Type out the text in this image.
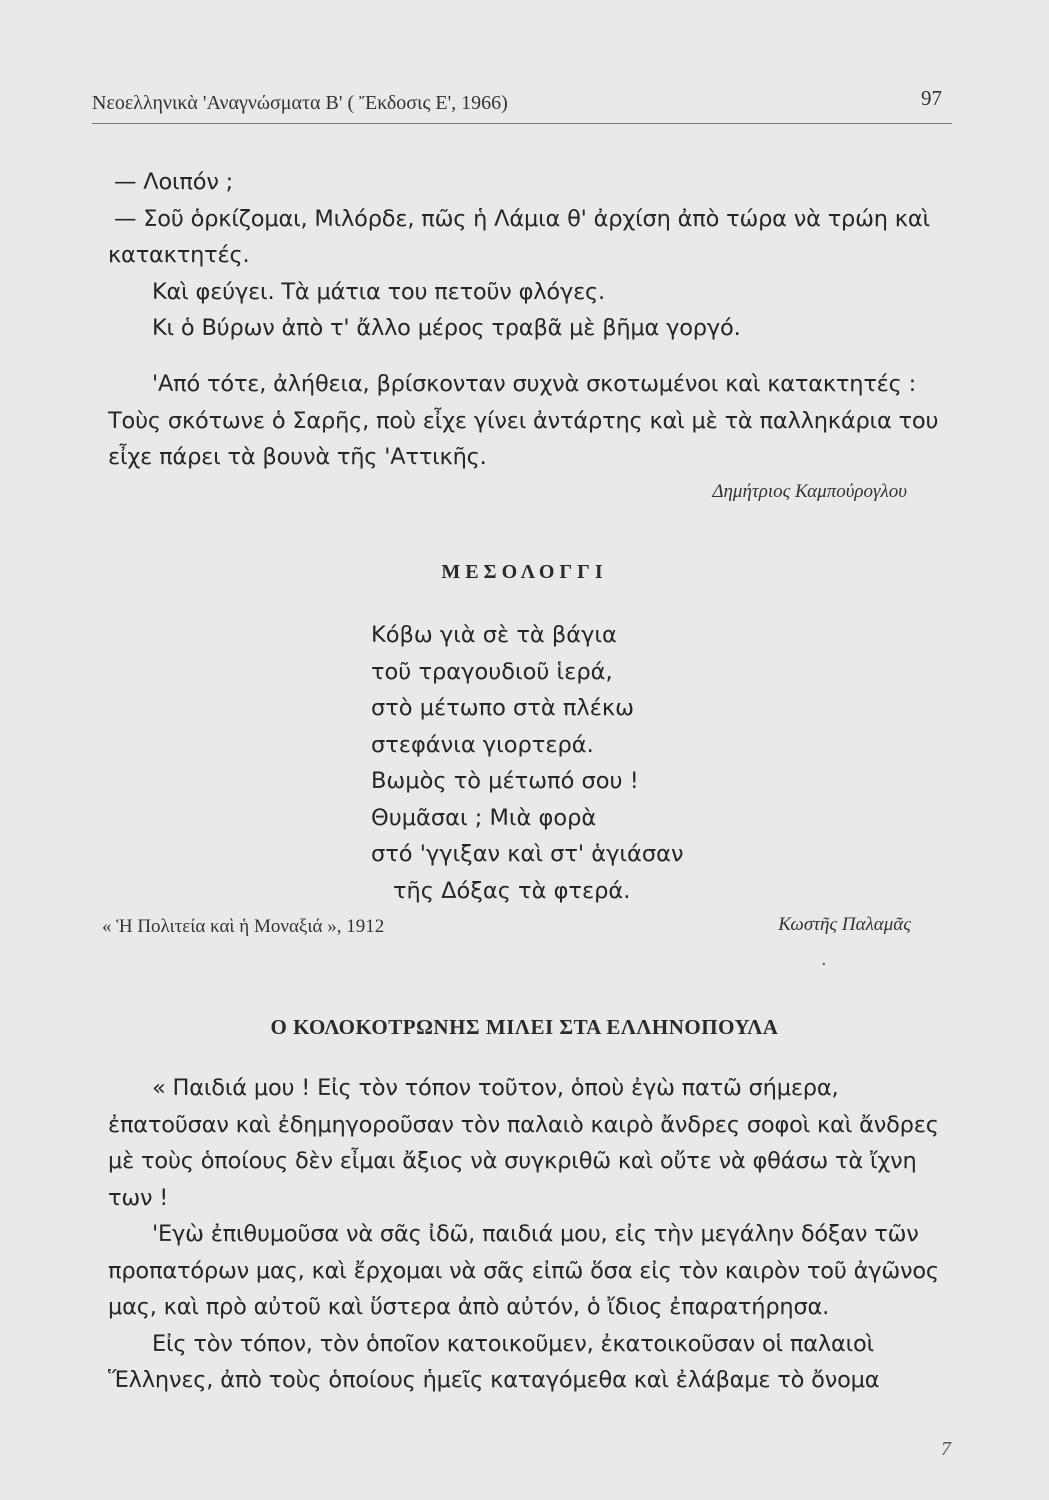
Νεοελληνικὰ 'Αναγνώσματα Β' ( Ἔκδοσις Ε', 1966)	97

— Λοιπόν ;

— Σοῦ ὁρκίζομαι, Μιλόρδε, πῶς ἡ Λάμια θ' ἀρχίση ἀπὸ τώρα νὰ τρώη καὶ κατακτητές.

Καὶ φεύγει. Τὰ μάτια του πετοῦν φλόγες.

Κι ὁ Βύρων ἀπὸ τ' ἄλλο μέρος τραβᾶ μὲ βῆμα γοργό.

'Από τότε, ἀλήθεια, βρίσκονταν συχνὰ σκοτωμένοι καὶ κατακτητές : Τοὺς σκότωνε ὁ Σαρῆς, ποὺ εἶχε γίνει ἀντάρτης καὶ μὲ τὰ παλληκάρια του εἶχε πάρει τὰ βουνὰ τῆς 'Αττικῆς.

Δημήτριος Καμπούρογλου
ΜΕΣΟΛΟΓΓΙ
Κόβω γιὰ σὲ τὰ βάγια
τοῦ τραγουδιοῦ ἱερά,
στὸ μέτωπο στὰ πλέκω
στεφάνια γιορτερά.
Βωμὸς τὸ μέτωπό σου !
Θυμᾶσαι ; Μιὰ φορὰ
στό 'γγιξαν καὶ στ' ἁγιάσαν
τῆς Δόξας τὰ φτερά.
« Ἡ Πολιτεία καὶ ἡ Μοναξιά », 1912	Κωστῆς Παλαμᾶς
·
Ο ΚΟΛΟΚΟΤΡΩΝΗΣ ΜΙΛΕΙ ΣΤΑ ΕΛΛΗΝΟΠΟΥΛΑ

« Παιδιά μου ! Εἰς τὸν τόπον τοῦτον, ὁποὺ ἐγὼ πατῶ σήμερα, ἐπατοῦσαν καὶ ἐδημηγοροῦσαν τὸν παλαιὸ καιρὸ ἄνδρες σοφοὶ καὶ ἄνδρες μὲ τοὺς ὁποίους δὲν εἶμαι ἄξιος νὰ συγκριθῶ καὶ οὔτε νὰ φθάσω τὰ ἴχνη των !

'Εγὼ ἐπιθυμοῦσα νὰ σᾶς ἰδῶ, παιδιά μου, εἰς τὴν μεγάλην δόξαν τῶν προπατόρων μας, καὶ ἔρχομαι νὰ σᾶς εἰπῶ ὅσα εἰς τὸν καιρὸν τοῦ ἀγῶνος μας, καὶ πρὸ αὐτοῦ καὶ ὕστερα ἀπὸ αὐτόν, ὁ ἴδιος ἐπαρατήρησα.

Εἰς τὸν τόπον, τὸν ὁποῖον κατοικοῦμεν, ἐκατοικοῦσαν οἱ παλαιοὶ Ἕλληνες, ἀπὸ τοὺς ὁποίους ἡμεῖς καταγόμεθα καὶ ἐλάβαμε τὸ ὄνομα

7
